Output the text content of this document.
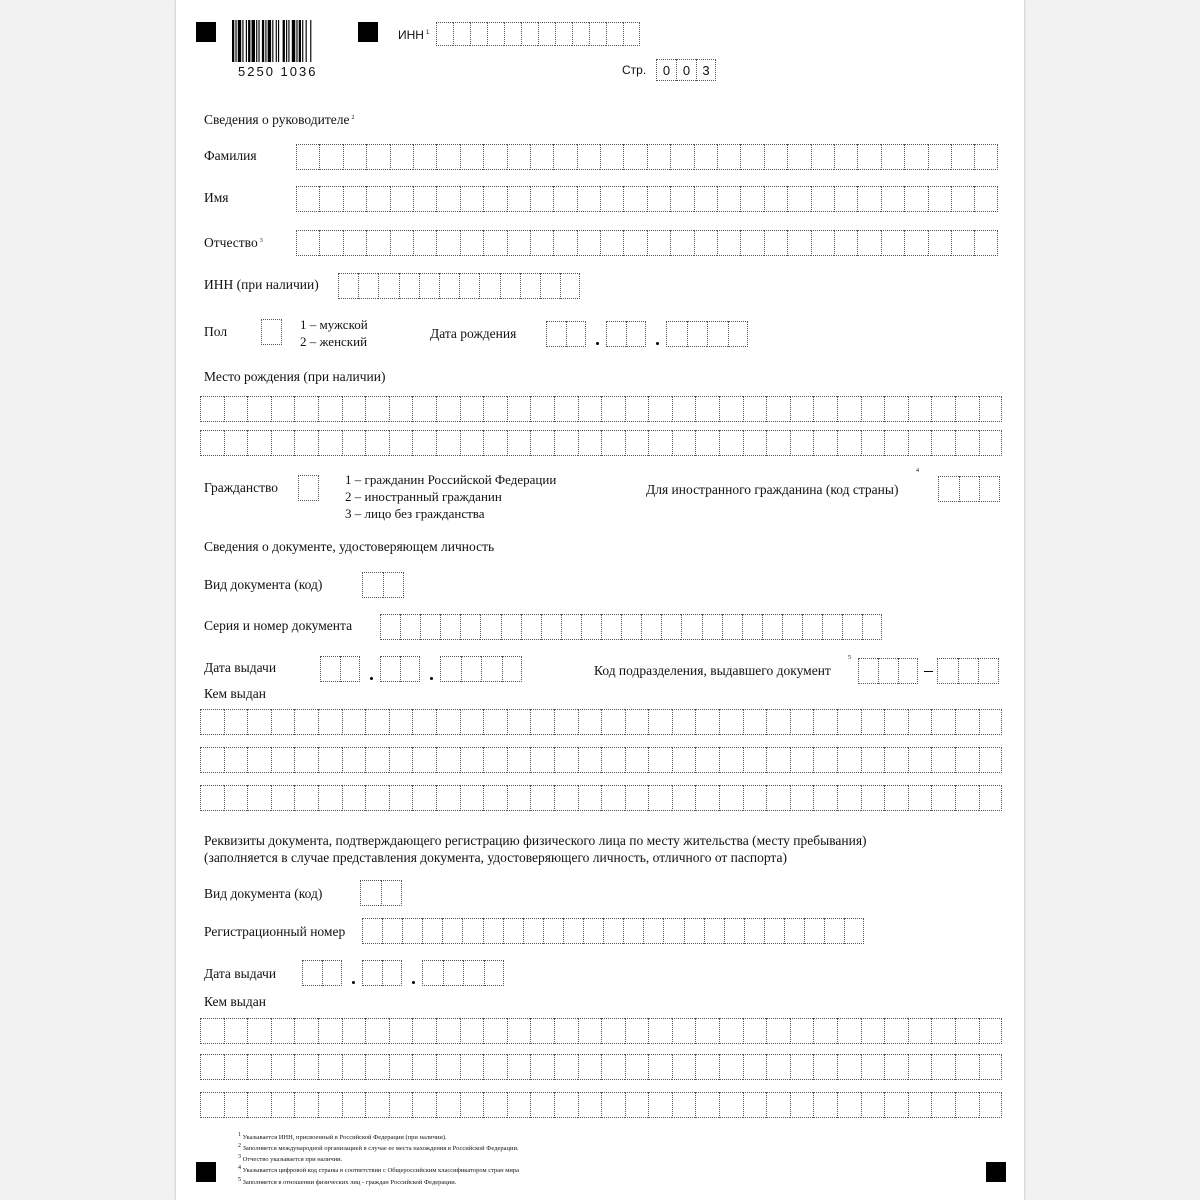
5250 1036
ИНН $^1$
Стр.	0 0 3
Сведения о руководителе $^2$
Фамилия
Имя
Отчество $^3$
ИНН (при наличии)
Пол	1 – мужской
2 – женский
Дата рождения
Место рождения (при наличии)
Гражданство
1 – гражданин Российской Федерации
2 – иностранный гражданин
3 – лицо без гражданства
Для иностранного гражданина (код страны)
4
Сведения о документе, удостоверяющем личность
Вид документа (код)
Серия и номер документа
Дата выдачи	Код подразделения, выдавшего документ
5
Кем выдан
Реквизиты документа, подтверждающего регистрацию физического лица по месту жительства (месту пребывания)
(заполняется в случае представления документа, удостоверяющего личность, отличного от паспорта)
Вид документа (код)
Регистрационный номер
Дата выдачи
Кем выдан
1 Указывается ИНН, присвоенный в Российской Федерации (при наличии).
2 Заполняется международной организацией в случае ее места нахождения в Российской Федерации.
3 Отчество указывается при наличии.
4 Указывается цифровой код страны в соответствии с Общероссийским классификатором стран мира
5 Заполняется в отношении физических лиц - граждан Российской Федерации.
